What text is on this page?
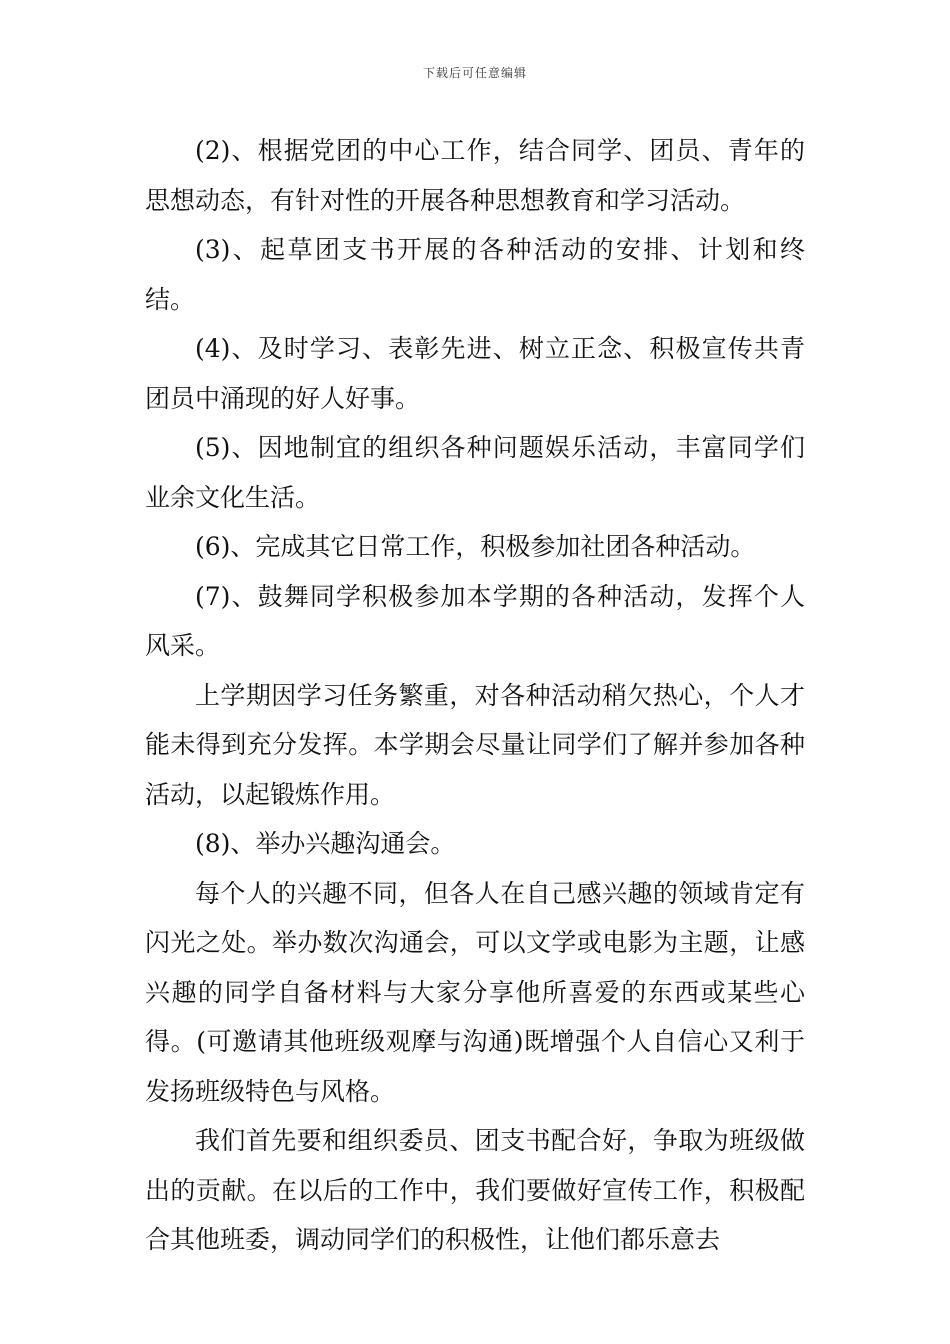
下载后可任意编辑

(2)、根据党团的中心工作，结合同学、团员、青年的思想动态，有针对性的开展各种思想教育和学习活动。

(3)、起草团支书开展的各种活动的安排、计划和终结。

(4)、及时学习、表彰先进、树立正念、积极宣传共青团员中涌现的好人好事。

(5)、因地制宜的组织各种问题娱乐活动，丰富同学们业余文化生活。

(6)、完成其它日常工作，积极参加社团各种活动。

(7)、鼓舞同学积极参加本学期的各种活动，发挥个人风采。

上学期因学习任务繁重，对各种活动稍欠热心，个人才能未得到充分发挥。本学期会尽量让同学们了解并参加各种活动，以起锻炼作用。

(8)、举办兴趣沟通会。

每个人的兴趣不同，但各人在自己感兴趣的领域肯定有闪光之处。举办数次沟通会，可以文学或电影为主题，让感兴趣的同学自备材料与大家分享他所喜爱的东西或某些心得。(可邀请其他班级观摩与沟通)既增强个人自信心又利于发扬班级特色与风格。

我们首先要和组织委员、团支书配合好，争取为班级做出的贡献。在以后的工作中，我们要做好宣传工作，积极配合其他班委，调动同学们的积极性，让他们都乐意去
